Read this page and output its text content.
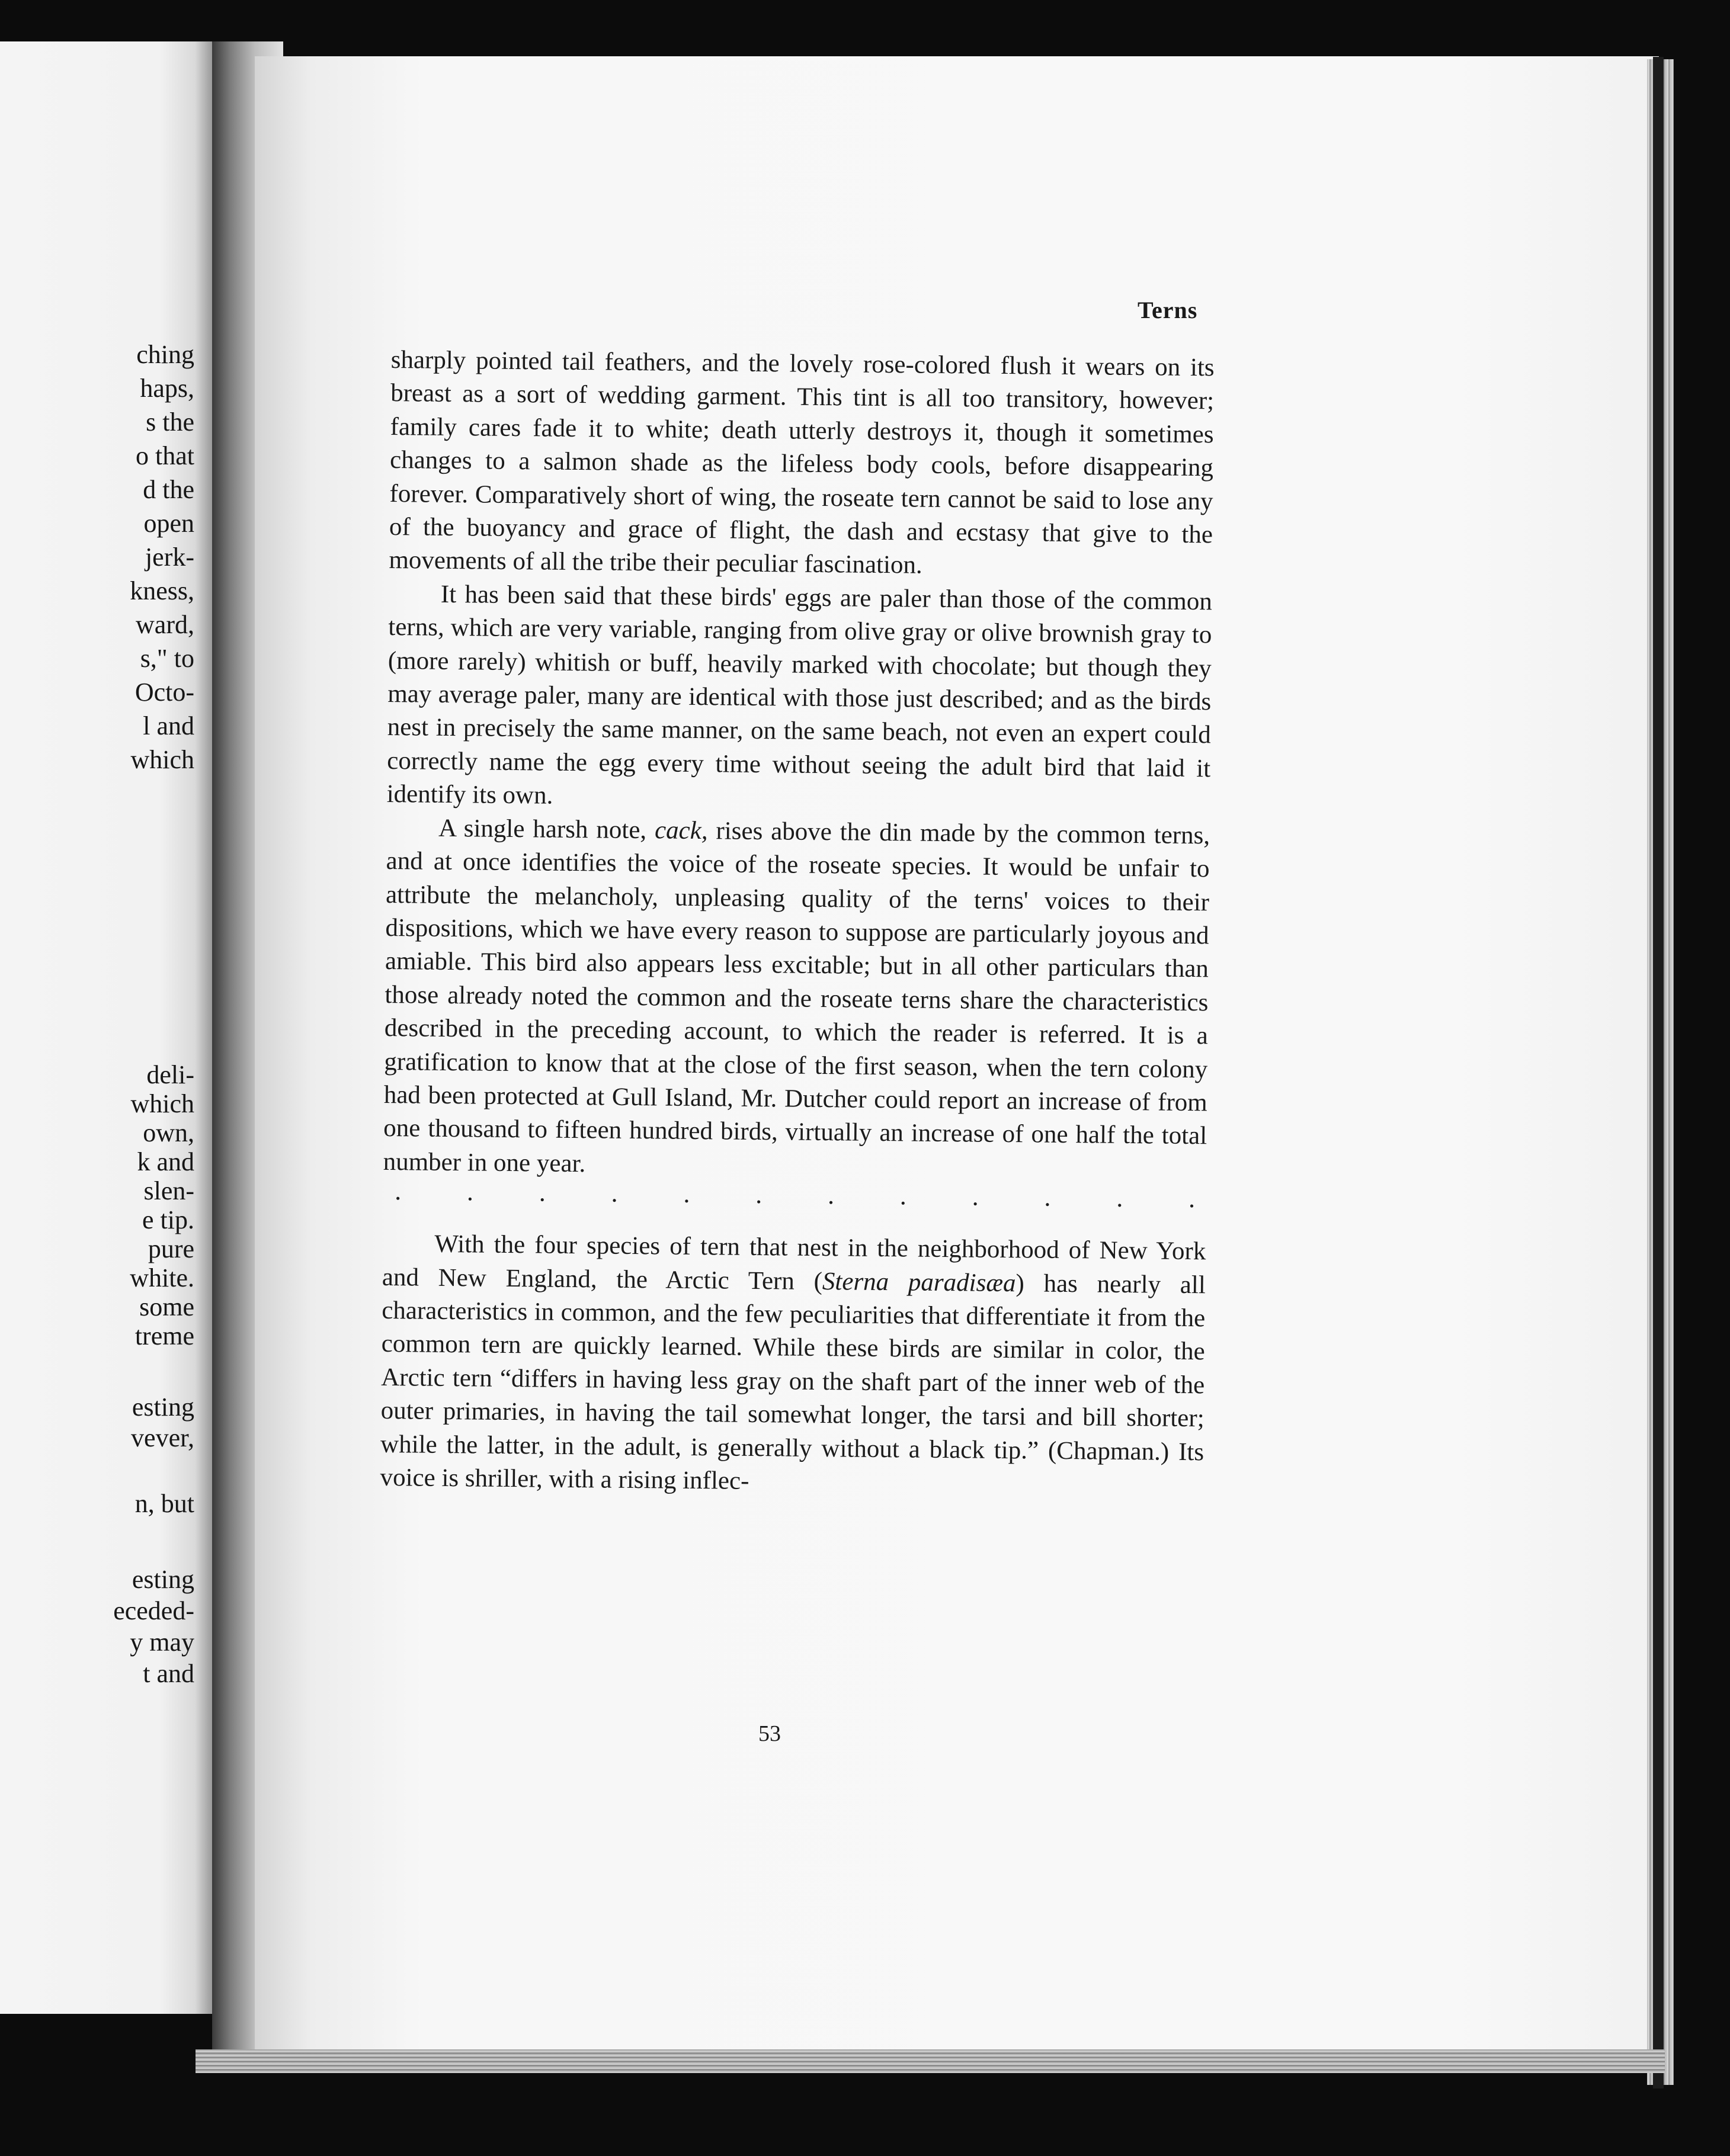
ching
haps,
s the
o that
d the
open
jerk-
kness,
ward,
s," to
Octo-
l and
which
deli-
which
own,
k and
slen-
e tip.
pure
white.
some
treme
esting
vever,
n, but
esting
eceded-
y may
t and
Terns

sharply pointed tail feathers, and the lovely rose-colored flush it wears on its breast as a sort of wedding garment. This tint is all too transitory, however; family cares fade it to white; death utterly destroys it, though it sometimes changes to a salmon shade as the lifeless body cools, before disappearing forever. Comparatively short of wing, the roseate tern cannot be said to lose any of the buoyancy and grace of flight, the dash and ecstasy that give to the movements of all the tribe their peculiar fascination.

It has been said that these birds' eggs are paler than those of the common terns, which are very variable, ranging from olive gray or olive brownish gray to (more rarely) whitish or buff, heavily marked with chocolate; but though they may average paler, many are identical with those just described; and as the birds nest in precisely the same manner, on the same beach, not even an expert could correctly name the egg every time without seeing the adult bird that laid it identify its own.

A single harsh note, cack, rises above the din made by the common terns, and at once identifies the voice of the roseate species. It would be unfair to attribute the melancholy, unpleasing quality of the terns' voices to their dispositions, which we have every reason to suppose are particularly joyous and amiable. This bird also appears less excitable; but in all other particulars than those already noted the common and the roseate terns share the characteristics described in the preceding account, to which the reader is referred. It is a gratification to know that at the close of the first season, when the tern colony had been protected at Gull Island, Mr. Dutcher could report an increase of from one thousand to fifteen hundred birds, virtually an increase of one half the total number in one year.

.	.	.	.	.	.	.	.	.	.	.	.

With the four species of tern that nest in the neighborhood of New York and New England, the Arctic Tern (Sterna paradisæa) has nearly all characteristics in common, and the few peculiarities that differentiate it from the common tern are quickly learned. While these birds are similar in color, the Arctic tern “differs in having less gray on the shaft part of the inner web of the outer primaries, in having the tail somewhat longer, the tarsi and bill shorter; while the latter, in the adult, is generally without a black tip.” (Chapman.) Its voice is shriller, with a rising inflec-

53
